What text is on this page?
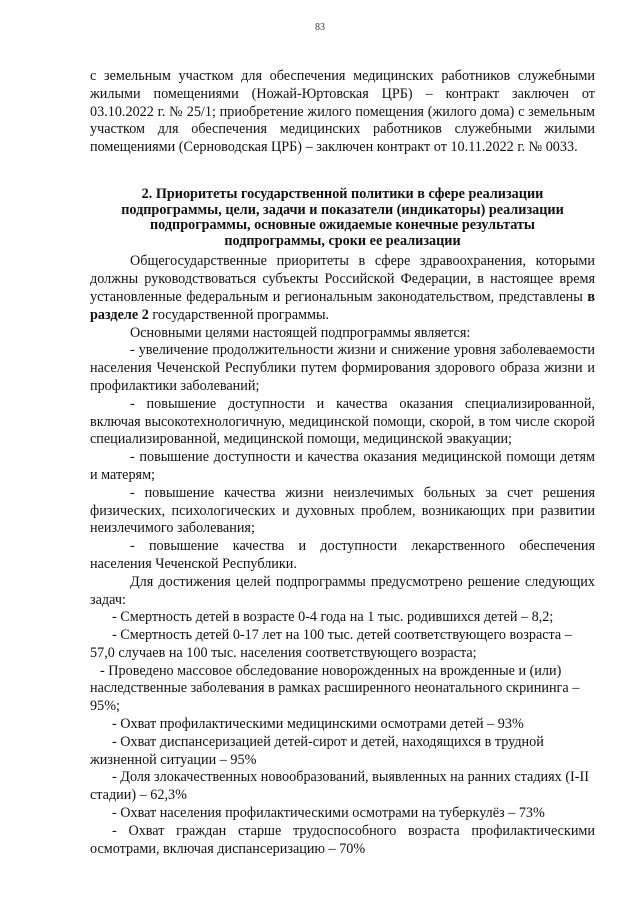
83

с земельным участком для обеспечения медицинских работников служебными жилыми помещениями (Ножай-Юртовская ЦРБ) – контракт заключен от 03.10.2022 г. № 25/1; приобретение жилого помещения (жилого дома) с земельным участком для обеспечения медицинских работников служебными жилыми помещениями (Серноводская ЦРБ) – заключен контракт от 10.11.2022 г. № 0033.

2. Приоритеты государственной политики в сфере реализации подпрограммы, цели, задачи и показатели (индикаторы) реализации подпрограммы, основные ожидаемые конечные результаты подпрограммы, сроки ее реализации

Общегосударственные приоритеты в сфере здравоохранения, которыми должны руководствоваться субъекты Российской Федерации, в настоящее время установленные федеральным и региональным законодательством, представлены в разделе 2 государственной программы.

Основными целями настоящей подпрограммы является:

- увеличение продолжительности жизни и снижение уровня заболеваемости населения Чеченской Республики путем формирования здорового образа жизни и профилактики заболеваний;

- повышение доступности и качества оказания специализированной, включая высокотехнологичную, медицинской помощи, скорой, в том числе скорой специализированной, медицинской помощи, медицинской эвакуации;

- повышение доступности и качества оказания медицинской помощи детям и матерям;

- повышение качества жизни неизлечимых больных за счет решения физических, психологических и духовных проблем, возникающих при развитии неизлечимого заболевания;

- повышение качества и доступности лекарственного обеспечения населения Чеченской Республики.

Для достижения целей подпрограммы предусмотрено решение следующих задач:

- Смертность детей в возрасте 0-4 года на 1 тыс. родившихся детей – 8,2;

- Смертность детей 0-17 лет на 100 тыс. детей соответствующего возраста – 57,0 случаев на 100 тыс. населения соответствующего возраста;

- Проведено массовое обследование новорожденных на врожденные и (или) наследственные заболевания в рамках расширенного неонатального скрининга – 95%;

- Охват профилактическими медицинскими осмотрами детей – 93%

- Охват диспансеризацией детей-сирот и детей, находящихся в трудной жизненной ситуации – 95%

- Доля злокачественных новообразований, выявленных на ранних стадиях (I-II стадии) – 62,3%

- Охват населения профилактическими осмотрами на туберкулёз – 73%

- Охват граждан старше трудоспособного возраста профилактическими осмотрами, включая диспансеризацию – 70%
